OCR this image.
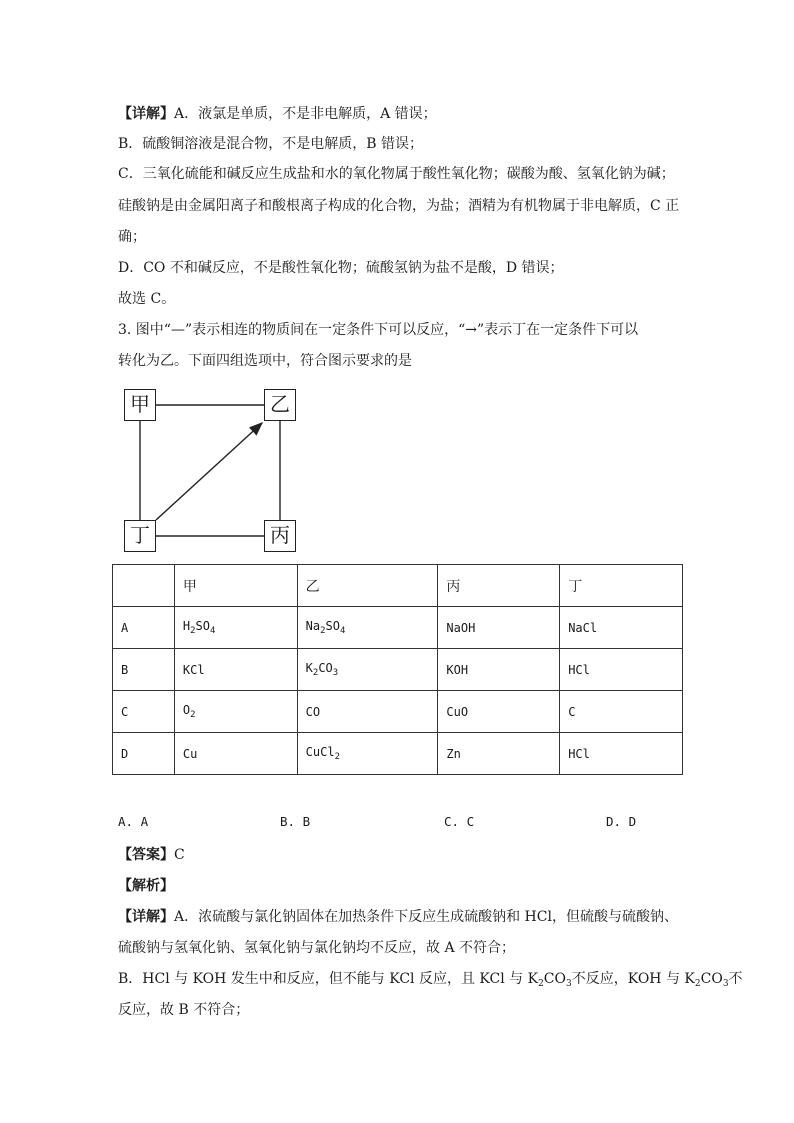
【详解】A．液氯是单质，不是非电解质，A 错误；
B．硫酸铜溶液是混合物，不是电解质，B 错误；
C．三氧化硫能和碱反应生成盐和水的氧化物属于酸性氧化物；碳酸为酸、氢氧化钠为碱；
硅酸钠是由金属阳离子和酸根离子构成的化合物，为盐；酒精为有机物属于非电解质，C 正
确；
D．CO 不和碱反应，不是酸性氧化物；硫酸氢钠为盐不是酸，D 错误；
故选 C。
3. 图中“—”表示相连的物质间在一定条件下可以反应，“→”表示丁在一定条件下可以
转化为乙。下面四组选项中，符合图示要求的是
甲	乙
丁	丙
	甲	乙	丙	丁
A	$H_2SO_4$	$Na_2SO_4$	NaOH	NaCl
B	KCl	$K_2CO_3$	KOH	HCl
C	$O_2$	CO	CuO	C
D	Cu	CuCl$_2$	Zn	HCl
A. A	B. B	C. C	D. D
【答案】C
【解析】
【详解】A．浓硫酸与氯化钠固体在加热条件下反应生成硫酸钠和 HCl，但硫酸与硫酸钠、
硫酸钠与氢氧化钠、氢氧化钠与氯化钠均不反应，故 A 不符合；
B．HCl 与 KOH 发生中和反应，但不能与 KCl 反应，且 KCl 与 $K_2CO_3$不反应，KOH 与 $K_2CO_3$不
反应，故 B 不符合；
